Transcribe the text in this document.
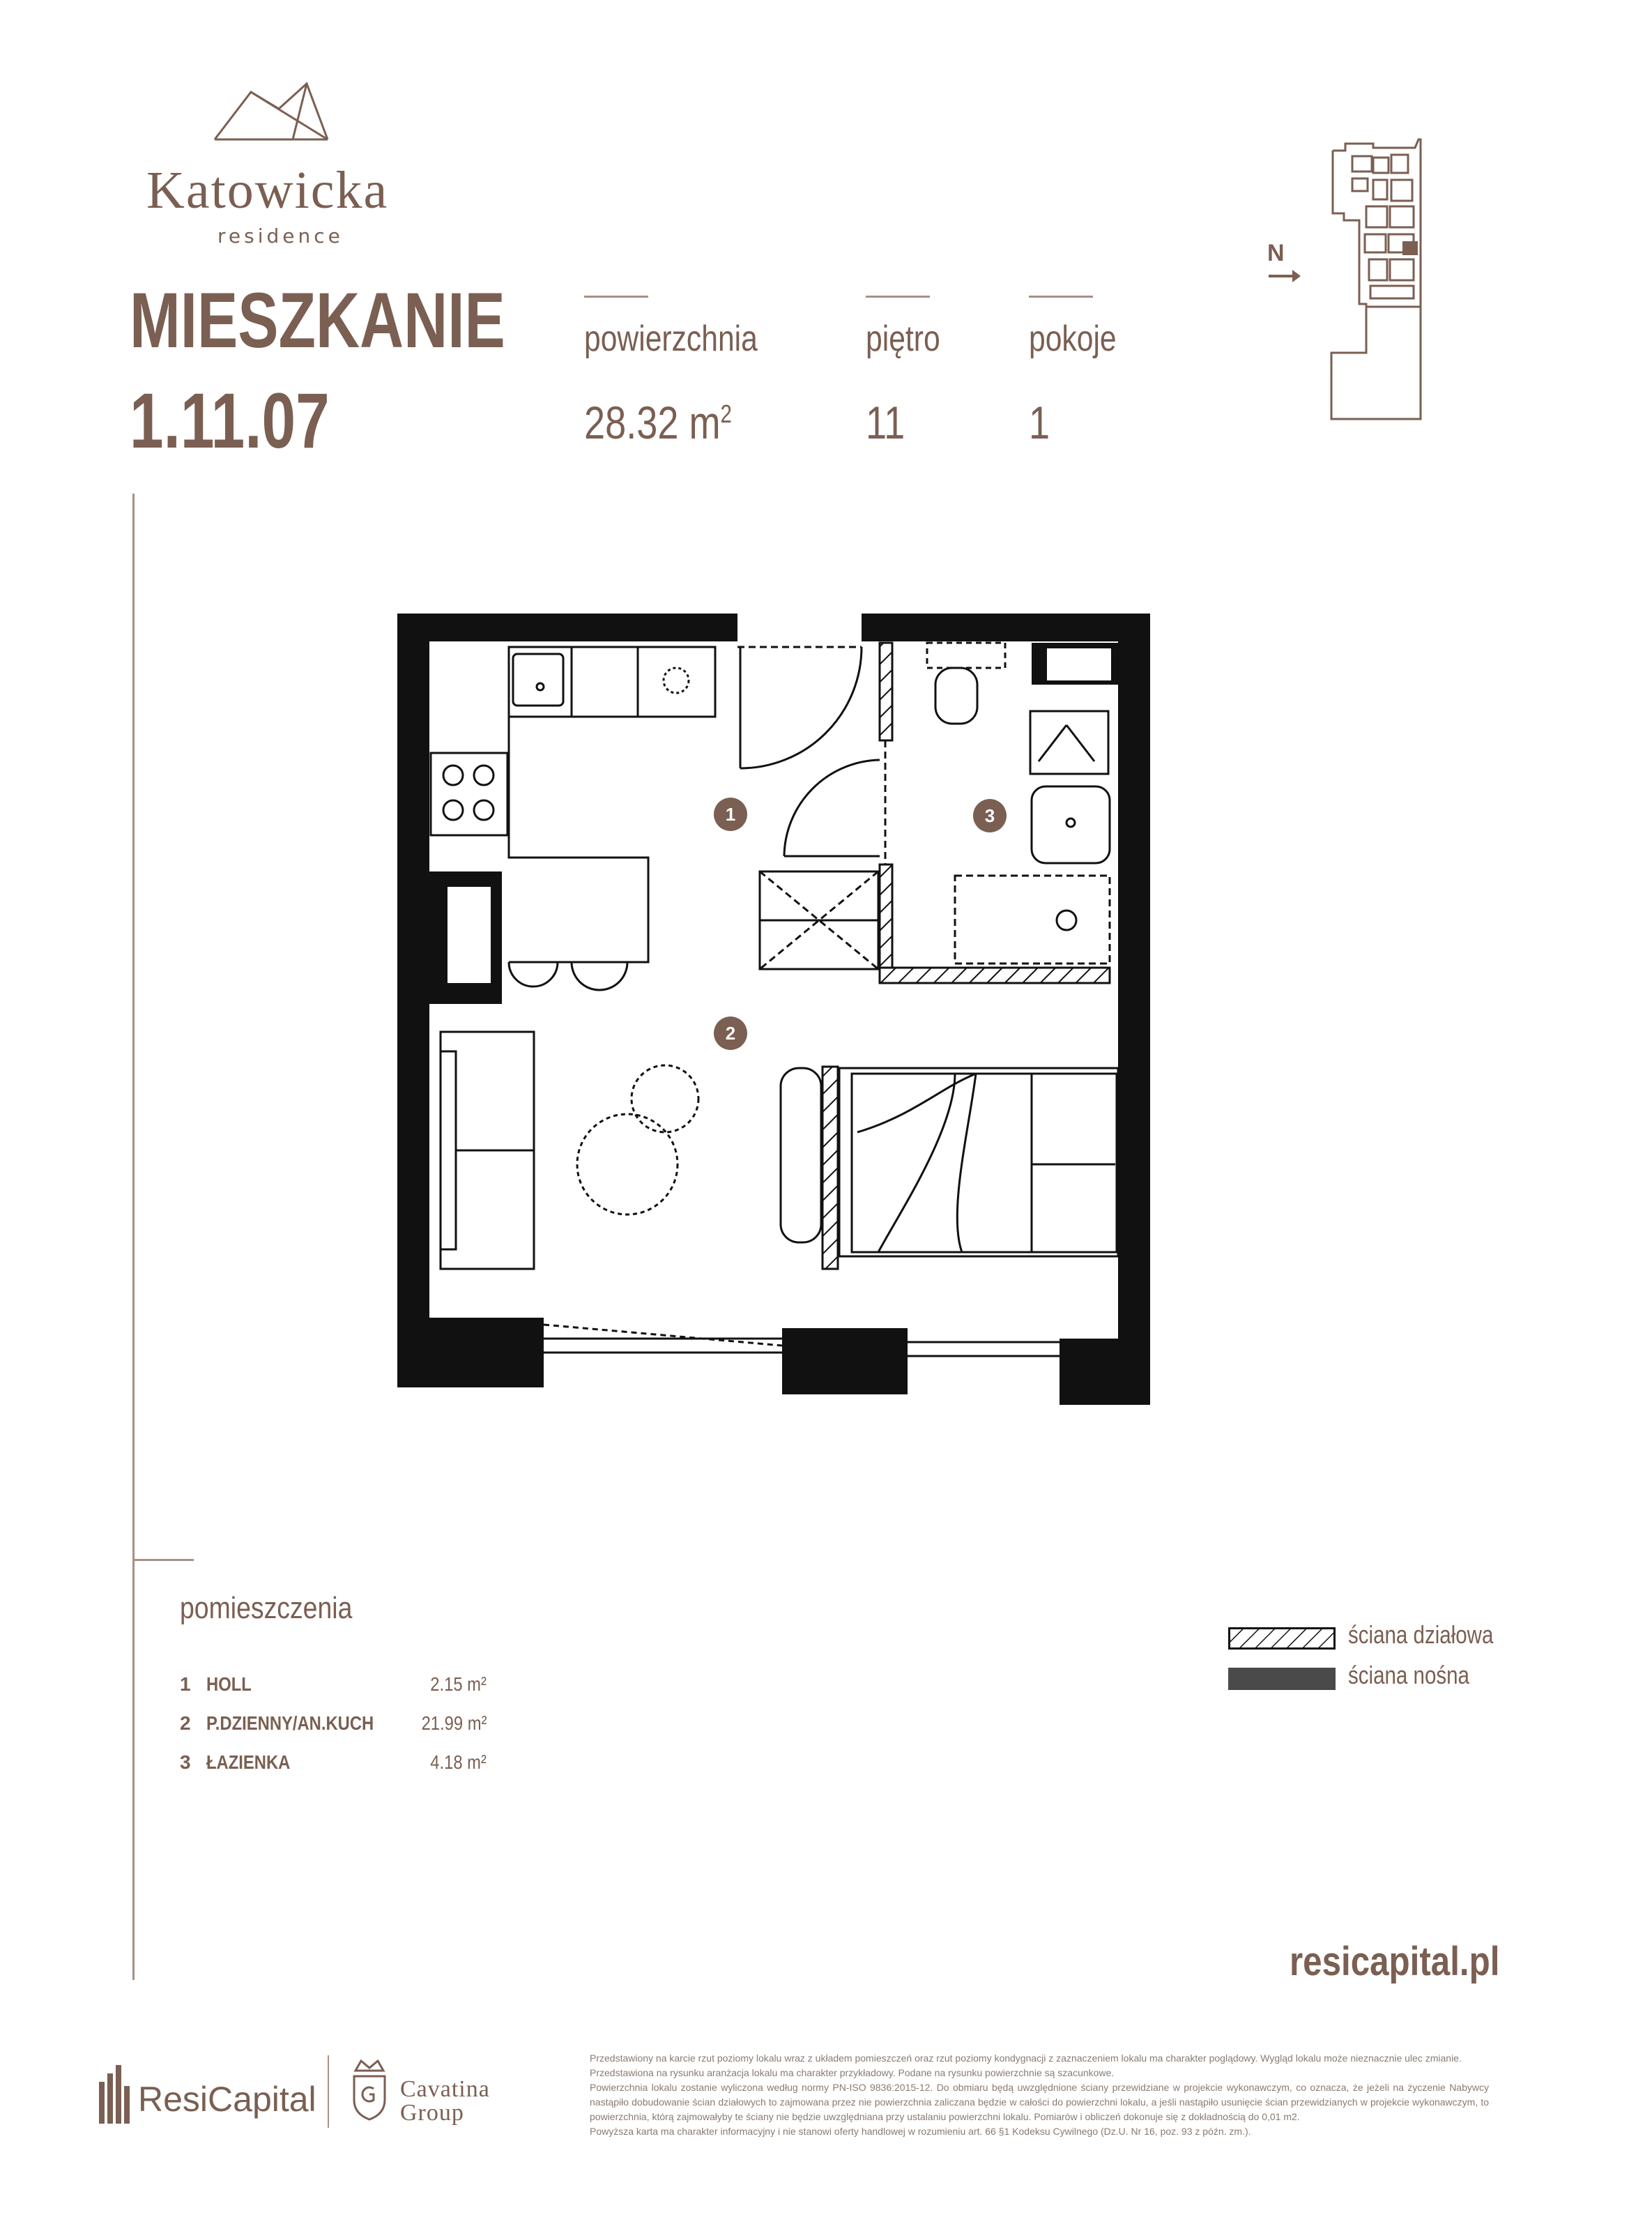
Katowicka
residence
MIESZKANIE
1.11.07
powierzchnia
28.32 $m^2$
piętro
11
pokoje
1
N
1
2
3
pomieszczenia
1 HOLL	2.15 m²
2 P.DZIENNY/AN.KUCH 21.99 m²
3 ŁAZIENKA	4.18 m²
ściana działowa
ściana nośna
resicapital.pl
ResiCapital	Cavatina
Group

Przedstawiony na karcie rzut poziomy lokalu wraz z układem pomieszczeń oraz rzut poziomy kondygnacji z zaznaczeniem lokalu ma charakter poglądowy. Wygląd lokalu może nieznacznie ulec zmianie.

Przedstawiona na rysunku aranżacja lokalu ma charakter przykładowy. Podane na rysunku powierzchnie są szacunkowe.

Powierzchnia lokalu zostanie wyliczona według normy PN-ISO 9836:2015-12. Do obmiaru będą uwzględnione ściany przewidziane w projekcie wykonawczym, co oznacza, że jeżeli na życzenie Nabywcy nastąpiło dobudowanie ścian działowych to zajmowana przez nie powierzchnia zaliczana będzie w całości do powierzchni lokalu, a jeśli nastąpiło usunięcie ścian przewidzianych w projekcie wykonawczym, to powierzchnia, którą zajmowałyby te ściany nie będzie uwzględniana przy ustalaniu powierzchni lokalu. Pomiarów i obliczeń dokonuje się z dokładnością do 0,01 m2.

Powyższa karta ma charakter informacyjny i nie stanowi oferty handlowej w rozumieniu art. 66 §1 Kodeksu Cywilnego (Dz.U. Nr 16, poz. 93 z późn. zm.).
